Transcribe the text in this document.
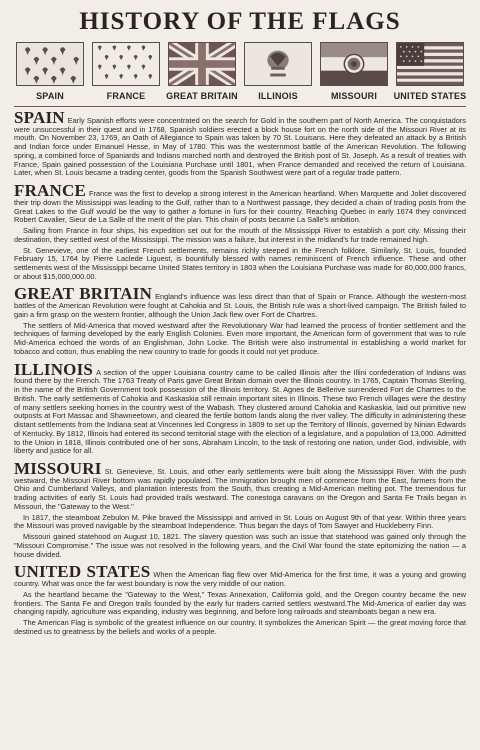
HISTORY OF THE FLAGS
SPAIN	FRANCE GREAT BRITAIN ILLINOIS	MISSOURI UNITED STATES

SPAIN Early Spanish efforts were concentrated on the search for Gold in the southern part of North America. The conquistadors were unsuccessful in their quest and in 1768, Spanish soldiers erected a block house fort on the north side of the Missouri River at its mouth. On November 23, 1769, an Oath of Allegiance to Spain was taken by 70 St. Louisans. Here they defeated an attack by a British and Indian force under Emanuel Hesse, in May of 1780. This was the westernmost battle of the American Revolution. The following spring, a combined force of Spaniards and Indians marched north and destroyed the British post of St. Joseph. As a result of treaties with France, Spain gained possession of the Louisiana Purchase until 1801, when France demanded and received the return of Louisiana. Later, when St. Louis became a trading center, goods from the Spanish Southwest were part of a regular trade pattern.

FRANCE France was the first to develop a strong interest in the American heartland. When Marquette and Joliet discovered their trip down the Mississippi was leading to the Gulf, rather than to a Northwest passage, they decided a chain of trading posts from the Great Lakes to the Gulf would be the way to gather a fortune in furs for their country. Reaching Quebec in early 1674 they convinced Robert Cavalier, Sieur de La Salle of the merit of the plan. This chain of posts became La Salle's ambition.

Sailing from France in four ships, his expedition set out for the mouth of the Mississippi River to establish a port city. Missing their destination, they settled west of the Mississippi. The mission was a failure, but interest in the midland's fur trade remained high.

St. Genevieve, one of the earliest French settlements, remains richly steeped in the French folklore. Similarly, St. Louis, founded February 15, 1764 by Pierre Laclede Liguest, is bountifully blessed with names reminiscent of French influence. These and other settlements west of the Mississippi became United States territory in 1803 when the Louisiana Purchase was made for 80,000,000 francs, or about $15,000,000.00.

GREAT BRITAIN England's influence was less direct than that of Spain or France. Although the western-most battles of the American Revolution were fought at Cahokia and St. Louis, the British rule was a short-lived campaign. The British failed to gain a firm grasp on the western frontier, although the Union Jack flew over Fort de Chartres.

The settlers of Mid-America that moved westward after the Revolutionary War had learned the process of frontier settlement and the techniques of farming developed by the early English Colonies. Even more important, the American form of government that was to rule Mid-America echoed the words of an Englishman, John Locke. The British were also instrumental in establishing a world market for tobacco and cotton, thus enabling the new country to trade for goods it could not yet produce.

ILLINOIS A section of the upper Louisiana country came to be called Illinois after the Illini confederation of Indians was found there by the French. The 1763 Treaty of Paris gave Great Britain domain over the Illinois country. In 1765, Captain Thomas Sterling, in the name of the British Government took possession of the Illinois territory. St. Agnes de Bellerive surrendered Fort de Chartres to the British. The early settlements of Cahokia and Kaskaskia still remain important sites in Illinois. These two French villages were the destiny of many settlers seeking homes in the country west of the Wabash. They clustered around Cahokia and Kaskaskia, laid out primitive new outposts at Fort Massac and Shawneetown, and cleared the fertile bottom lands along the river valley. The difficulty in administering these distant settlements from the Indiana seat at Vincennes led Congress in 1809 to set up the Territory of Illinois, governed by Ninian Edwards of Kentucky. By 1812, Illinois had entered its second territorial stage with the election of a legislature, and a population of 13,000. Admitted to the Union in 1818, Illinois contributed one of her sons, Abraham Lincoln, to the task of restoring one nation, under God, indivisible, with liberty and justice for all.

MISSOURI St. Genevieve, St. Louis, and other early settlements were built along the Mississippi River. With the push westward, the Missouri River bottom was rapidly populated. The immigration brought men of commerce from the East, farmers from the Ohio and Cumberland Valleys, and plantation interests from the South, thus creating a Mid-American melting pot. The tremendous fur trading activities of early St. Louis had provided trails westward. The conestoga caravans on the Oregon and Santa Fe Trails began in Missouri, the "Gateway to the West."

In 1817, the steamboat Zebulon M. Pike braved the Mississippi and arrived in St. Louis on August 9th of that year. Within three years the Missouri was proved navigable by the steamboat Independence. Thus began the days of Tom Sawyer and Huckleberry Finn.

Missouri gained statehood on August 10, 1821. The slavery question was such an issue that statehood was gained only through the "Missouri Compromise." The issue was not resolved in the following years, and the Civil War found the state epitomizing the nation — a house divided.

UNITED STATES When the American flag flew over Mid-America for the first time, it was a young and growing country. What was once the far west boundary is now the very middle of our nation.

As the heartland became the "Gateway to the West," Texas Annexation, California gold, and the Oregon country became the new frontiers. The Santa Fe and Oregon trails founded by the early fur traders carried settlers westward.The Mid-America of earlier day was changing rapidly, agriculture was expanding, industry was beginning, and before long railroads and steamboats began a new era.

The American Flag is symbolic of the greatest influence on our country. It symbolizes the American Spirit — the great moving force that destined us to greatness by the beliefs and works of a people.
